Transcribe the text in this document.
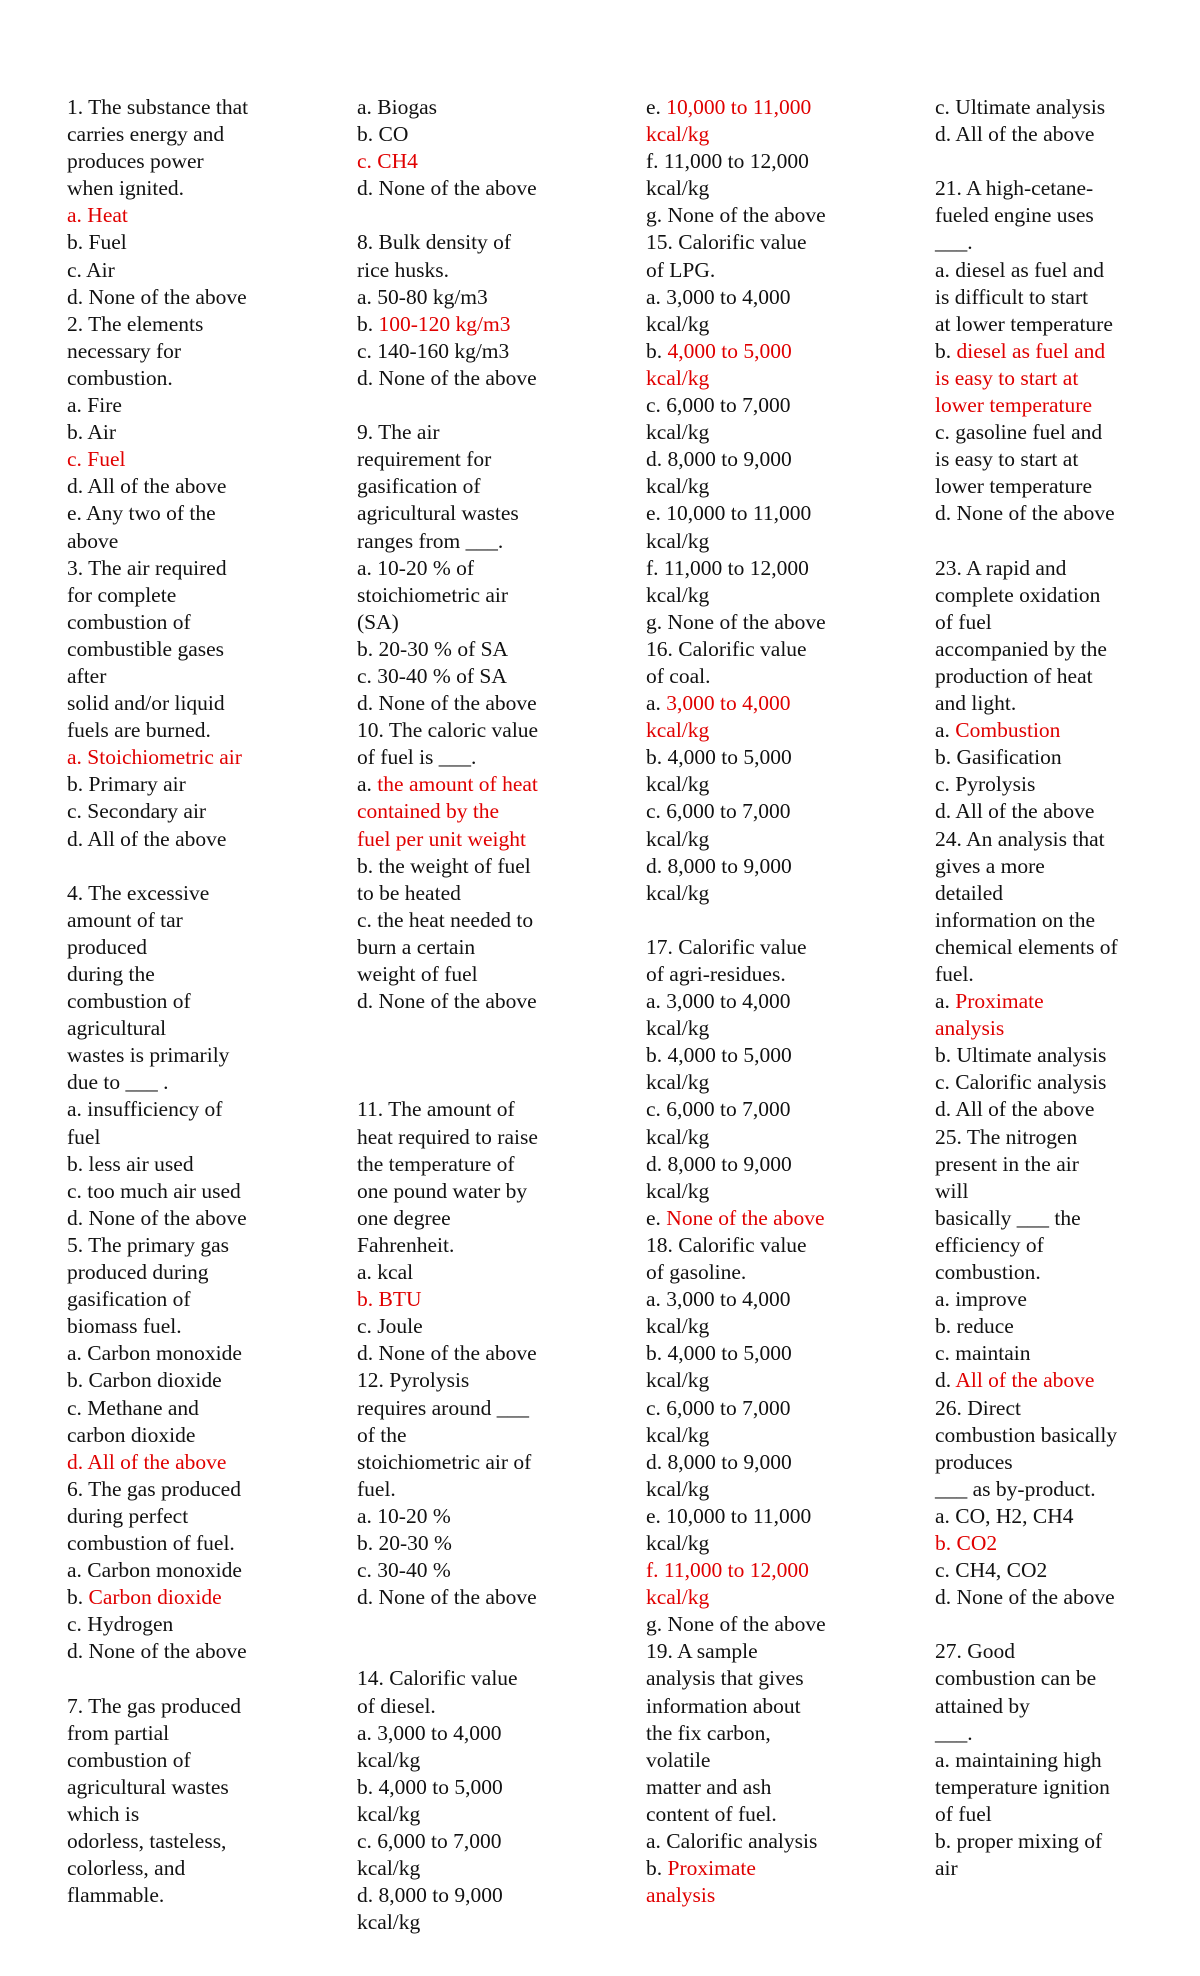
1. The substance that
carries energy and
produces power
when ignited.
a. Heat
b. Fuel
c. Air
d. None of the above
2. The elements
necessary for
combustion.
a. Fire
b. Air
c. Fuel
d. All of the above
e. Any two of the
above
3. The air required
for complete
combustion of
combustible gases
after
solid and/or liquid
fuels are burned.
a. Stoichiometric air
b. Primary air
c. Secondary air
d. All of the above
4. The excessive
amount of tar
produced
during the
combustion of
agricultural
wastes is primarily
due to ___ .
a. insufficiency of
fuel
b. less air used
c. too much air used
d. None of the above
5. The primary gas
produced during
gasification of
biomass fuel.
a. Carbon monoxide
b. Carbon dioxide
c. Methane and
carbon dioxide
d. All of the above
6. The gas produced
during perfect
combustion of fuel.
a. Carbon monoxide
b. Carbon dioxide
c. Hydrogen
d. None of the above
7. The gas produced
from partial
combustion of
agricultural wastes
which is
odorless, tasteless,
colorless, and
flammable.
a. Biogas
b. CO
c. CH4
d. None of the above
8. Bulk density of
rice husks.
a. 50-80 kg/m3
b. 100-120 kg/m3
c. 140-160 kg/m3
d. None of the above
9. The air
requirement for
gasification of
agricultural wastes
ranges from ___.
a. 10-20 % of
stoichiometric air
(SA)
b. 20-30 % of SA
c. 30-40 % of SA
d. None of the above
10. The caloric value
of fuel is ___.
a. the amount of heat
contained by the
fuel per unit weight
b. the weight of fuel
to be heated
c. the heat needed to
burn a certain
weight of fuel
d. None of the above
11. The amount of
heat required to raise
the temperature of
one pound water by
one degree
Fahrenheit.
a. kcal
b. BTU
c. Joule
d. None of the above
12. Pyrolysis
requires around ___
of the
stoichiometric air of
fuel.
a. 10-20 %
b. 20-30 %
c. 30-40 %
d. None of the above
14. Calorific value
of diesel.
a. 3,000 to 4,000
kcal/kg
b. 4,000 to 5,000
kcal/kg
c. 6,000 to 7,000
kcal/kg
d. 8,000 to 9,000
kcal/kg
e. 10,000 to 11,000
kcal/kg
f. 11,000 to 12,000
kcal/kg
g. None of the above
15. Calorific value
of LPG.
a. 3,000 to 4,000
kcal/kg
b. 4,000 to 5,000
kcal/kg
c. 6,000 to 7,000
kcal/kg
d. 8,000 to 9,000
kcal/kg
e. 10,000 to 11,000
kcal/kg
f. 11,000 to 12,000
kcal/kg
g. None of the above
16. Calorific value
of coal.
a. 3,000 to 4,000
kcal/kg
b. 4,000 to 5,000
kcal/kg
c. 6,000 to 7,000
kcal/kg
d. 8,000 to 9,000
kcal/kg
17. Calorific value
of agri-residues.
a. 3,000 to 4,000
kcal/kg
b. 4,000 to 5,000
kcal/kg
c. 6,000 to 7,000
kcal/kg
d. 8,000 to 9,000
kcal/kg
e. None of the above
18. Calorific value
of gasoline.
a. 3,000 to 4,000
kcal/kg
b. 4,000 to 5,000
kcal/kg
c. 6,000 to 7,000
kcal/kg
d. 8,000 to 9,000
kcal/kg
e. 10,000 to 11,000
kcal/kg
f. 11,000 to 12,000
kcal/kg
g. None of the above
19. A sample
analysis that gives
information about
the fix carbon,
volatile
matter and ash
content of fuel.
a. Calorific analysis
b. Proximate
analysis
c. Ultimate analysis
d. All of the above
21. A high-cetane-
fueled engine uses
___.
a. diesel as fuel and
is difficult to start
at lower temperature
b. diesel as fuel and
is easy to start at
lower temperature
c. gasoline fuel and
is easy to start at
lower temperature
d. None of the above
23. A rapid and
complete oxidation
of fuel
accompanied by the
production of heat
and light.
a. Combustion
b. Gasification
c. Pyrolysis
d. All of the above
24. An analysis that
gives a more
detailed
information on the
chemical elements of
fuel.
a. Proximate
analysis
b. Ultimate analysis
c. Calorific analysis
d. All of the above
25. The nitrogen
present in the air
will
basically ___ the
efficiency of
combustion.
a. improve
b. reduce
c. maintain
d. All of the above
26. Direct
combustion basically
produces
___ as by-product.
a. CO, H2, CH4
b. CO2
c. CH4, CO2
d. None of the above
27. Good
combustion can be
attained by
___.
a. maintaining high
temperature ignition
of fuel
b. proper mixing of
air
